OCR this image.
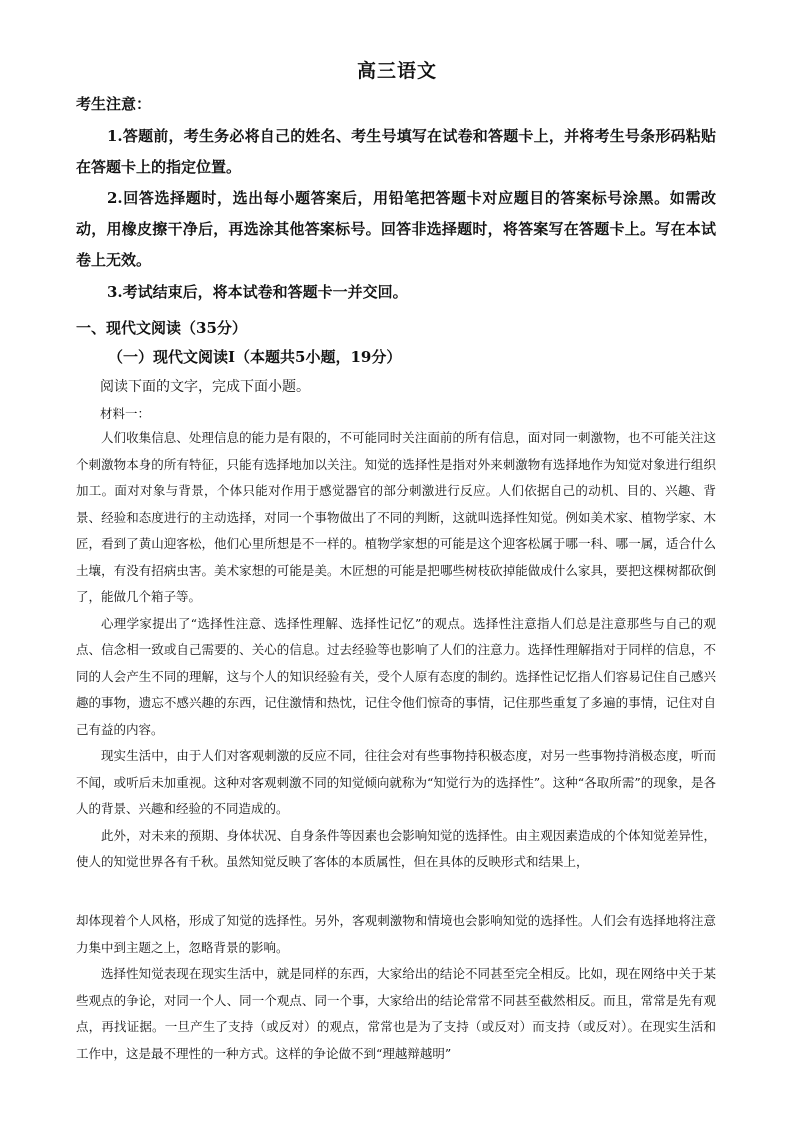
高三语文
考生注意：
1.答题前，考生务必将自己的姓名、考生号填写在试卷和答题卡上，并将考生号条形码粘贴在答题卡上的指定位置。
2.回答选择题时，选出每小题答案后，用铅笔把答题卡对应题目的答案标号涂黑。如需改动，用橡皮擦干净后，再选涂其他答案标号。回答非选择题时，将答案写在答题卡上。写在本试卷上无效。
3.考试结束后，将本试卷和答题卡一并交回。
一、现代文阅读（35分）
（一）现代文阅读Ⅰ（本题共5小题，19分）
阅读下面的文字，完成下面小题。
材料一：

人们收集信息、处理信息的能力是有限的，不可能同时关注面前的所有信息，面对同一刺激物，也不可能关注这个刺激物本身的所有特征，只能有选择地加以关注。知觉的选择性是指对外来刺激物有选择地作为知觉对象进行组织加工。面对对象与背景，个体只能对作用于感觉器官的部分刺激进行反应。人们依据自己的动机、目的、兴趣、背景、经验和态度进行的主动选择，对同一个事物做出了不同的判断，这就叫选择性知觉。例如美术家、植物学家、木匠，看到了黄山迎客松，他们心里所想是不一样的。植物学家想的可能是这个迎客松属于哪一科、哪一属，适合什么土壤，有没有招病虫害。美术家想的可能是美。木匠想的可能是把哪些树枝砍掉能做成什么家具，要把这棵树都砍倒了，能做几个箱子等。

心理学家提出了“选择性注意、选择性理解、选择性记忆”的观点。选择性注意指人们总是注意那些与自己的观点、信念相一致或自己需要的、关心的信息。过去经验等也影响了人们的注意力。选择性理解指对于同样的信息，不同的人会产生不同的理解，这与个人的知识经验有关，受个人原有态度的制约。选择性记忆指人们容易记住自己感兴趣的事物，遗忘不感兴趣的东西，记住激情和热忱，记住令他们惊奇的事情，记住那些重复了多遍的事情，记住对自己有益的内容。

现实生活中，由于人们对客观刺激的反应不同，往往会对有些事物持积极态度，对另一些事物持消极态度，听而不闻，或听后未加重视。这种对客观刺激不同的知觉倾向就称为“知觉行为的选择性”。这种“各取所需”的现象，是各人的背景、兴趣和经验的不同造成的。

此外，对未来的预期、身体状况、自身条件等因素也会影响知觉的选择性。由主观因素造成的个体知觉差异性，使人的知觉世界各有千秋。虽然知觉反映了客体的本质属性，但在具体的反映形式和结果上，

却体现着个人风格，形成了知觉的选择性。另外，客观刺激物和情境也会影响知觉的选择性。人们会有选择地将注意力集中到主题之上，忽略背景的影响。

选择性知觉表现在现实生活中，就是同样的东西，大家给出的结论不同甚至完全相反。比如，现在网络中关于某些观点的争论，对同一个人、同一个观点、同一个事，大家给出的结论常常不同甚至截然相反。而且，常常是先有观点，再找证据。一旦产生了支持（或反对）的观点，常常也是为了支持（或反对）而支持（或反对）。在现实生活和工作中，这是最不理性的一种方式。这样的争论做不到“理越辩越明”
